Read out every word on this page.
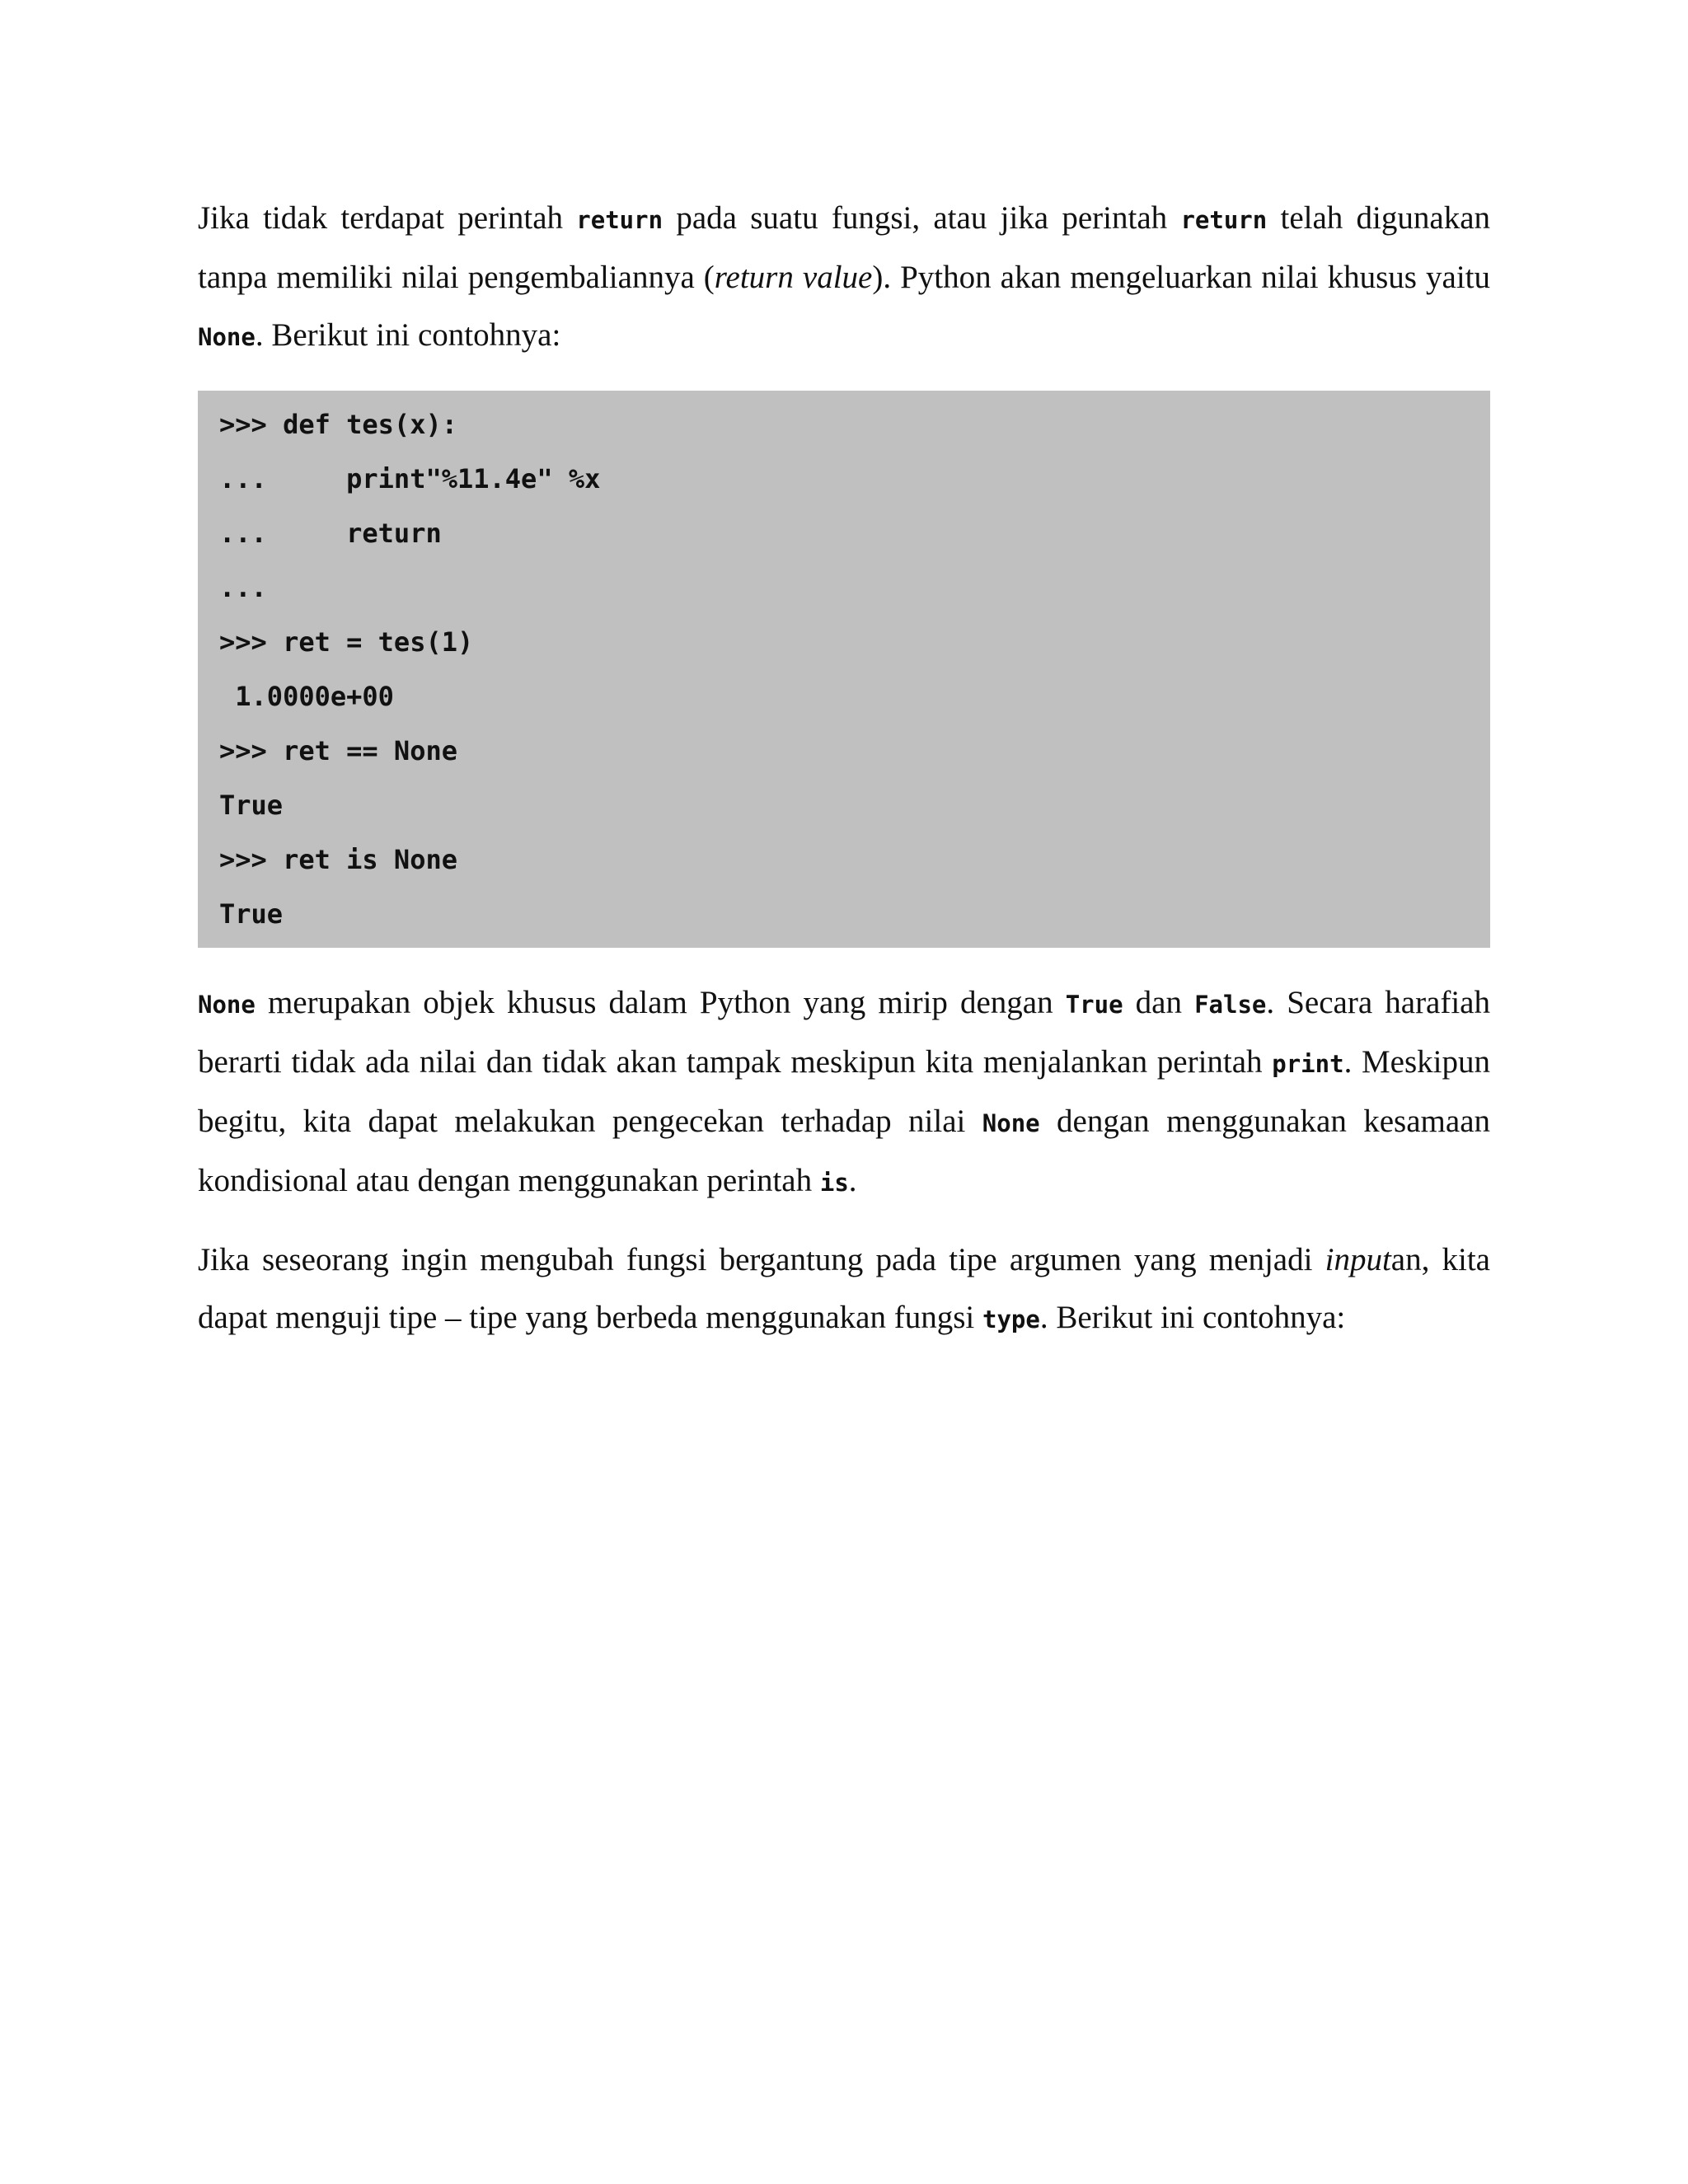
Jika tidak terdapat perintah return pada suatu fungsi, atau jika perintah return telah digunakan tanpa memiliki nilai pengembaliannya (return value). Python akan mengeluarkan nilai khusus yaitu None. Berikut ini contohnya:

>>> def tes(x):
...     print"%11.4e" %x
...     return
...
>>> ret = tes(1)
1.0000e+00
>>> ret == None
True
>>> ret is None
True

None merupakan objek khusus dalam Python yang mirip dengan True dan False. Secara harafiah berarti tidak ada nilai dan tidak akan tampak meskipun kita menjalankan perintah print. Meskipun begitu, kita dapat melakukan pengecekan terhadap nilai None dengan menggunakan kesamaan kondisional atau dengan menggunakan perintah is.

Jika seseorang ingin mengubah fungsi bergantung pada tipe argumen yang menjadi inputan, kita dapat menguji tipe – tipe yang berbeda menggunakan fungsi type. Berikut ini contohnya:
